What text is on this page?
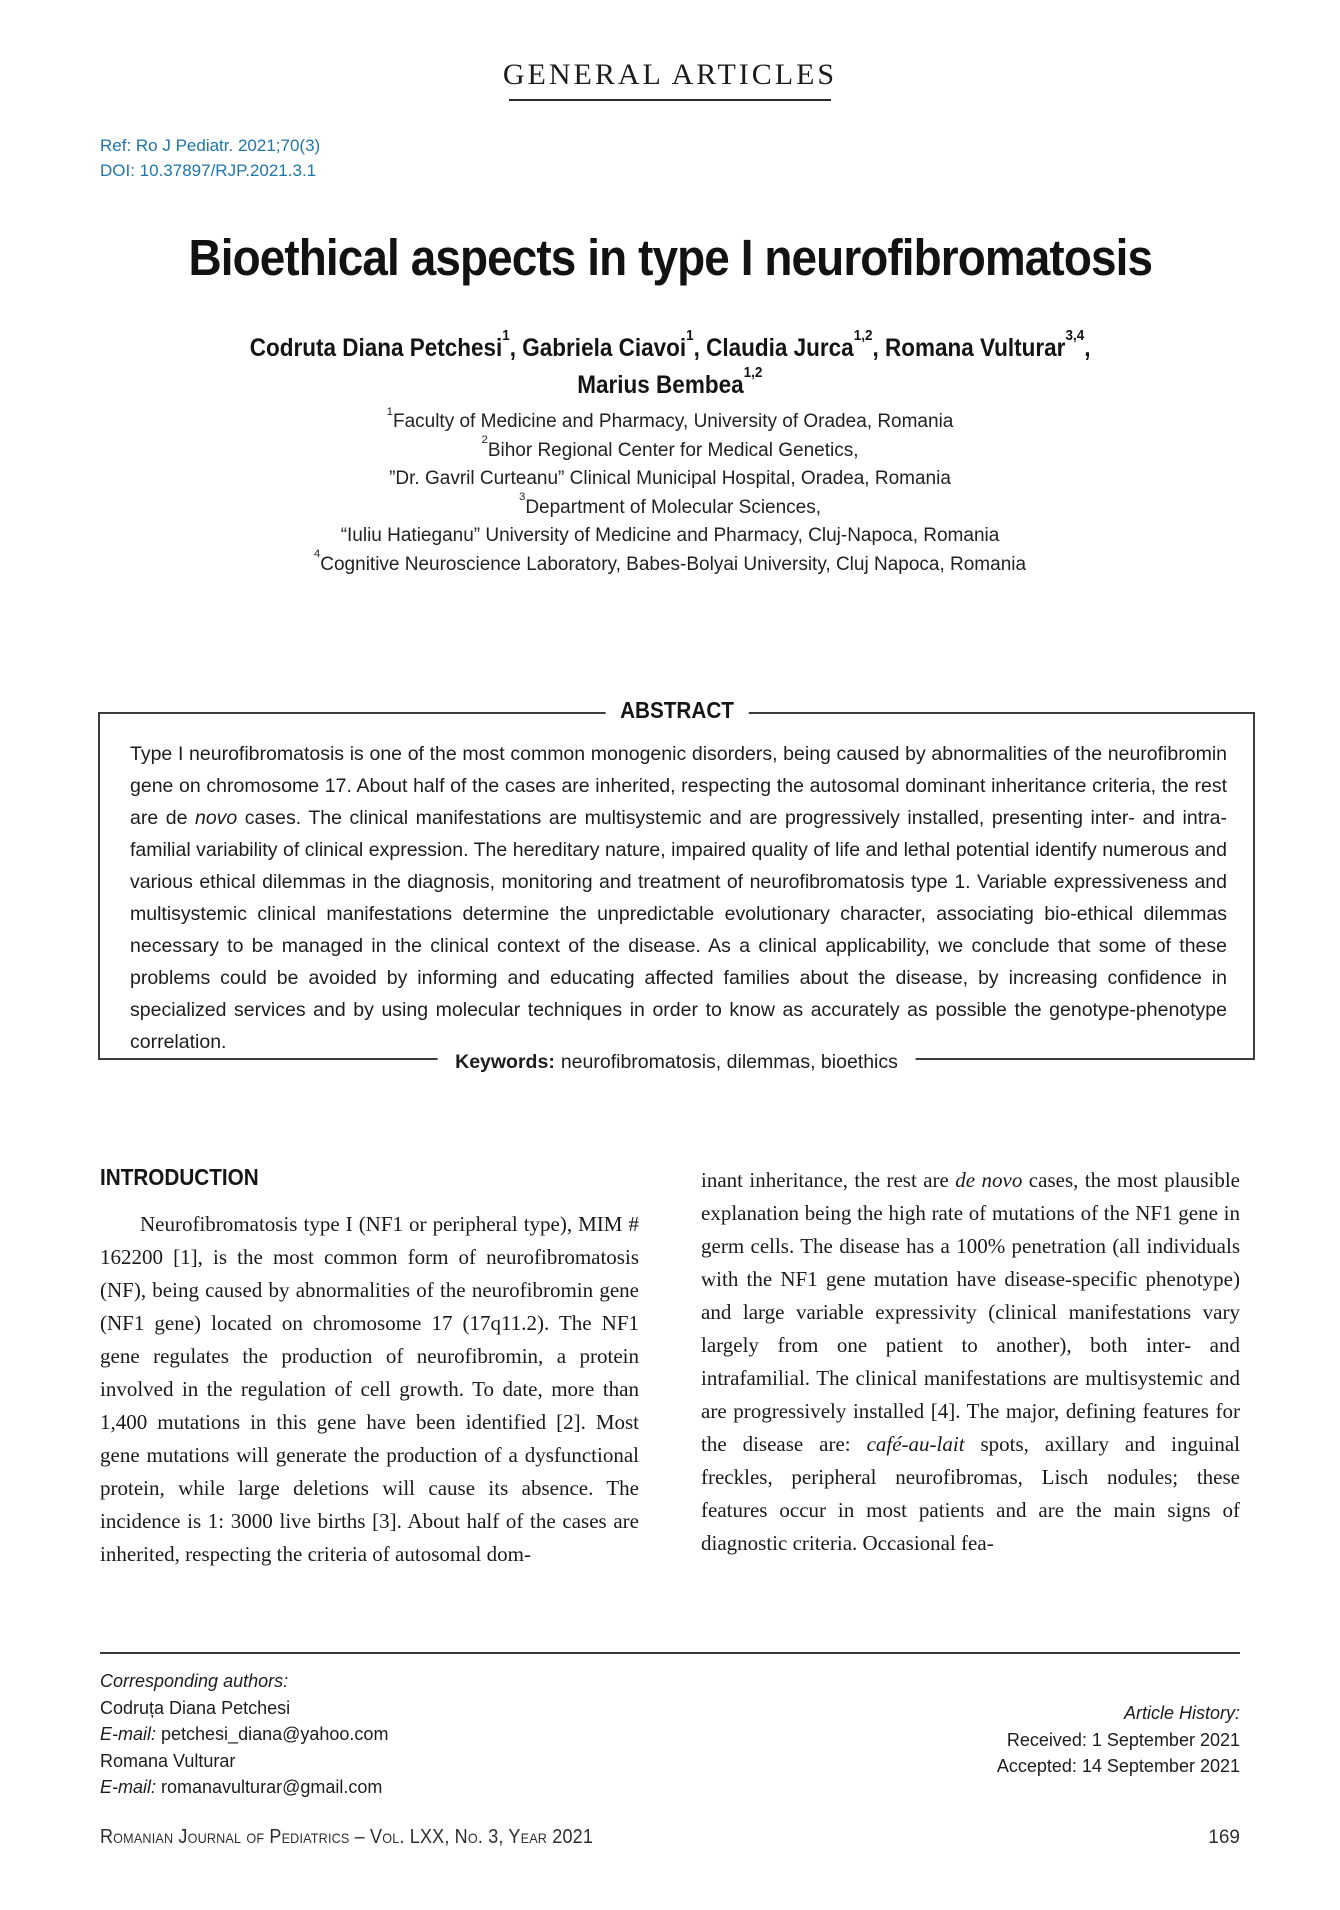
GENERAL ARTICLES
Ref: Ro J Pediatr. 2021;70(3)
DOI: 10.37897/RJP.2021.3.1
Bioethical aspects in type I neurofibromatosis
Codruta Diana Petchesi$^1$, Gabriela Ciavoi$^1$, Claudia Jurca$^{1,2}$, Romana Vulturar$^{3,4}$,
Marius Bembea$^{1,2}$
$^1$Faculty of Medicine and Pharmacy, University of Oradea, Romania
$^2$Bihor Regional Center for Medical Genetics,
”Dr. Gavril Curteanu” Clinical Municipal Hospital, Oradea, Romania
$^3$Department of Molecular Sciences,
“Iuliu Hatieganu” University of Medicine and Pharmacy, Cluj-Napoca, Romania
$^4$Cognitive Neuroscience Laboratory, Babes-Bolyai University, Cluj Napoca, Romania
ABSTRACT

Type I neurofibromatosis is one of the most common monogenic disorders, being caused by abnormalities of the neurofibromin gene on chromosome 17. About half of the cases are inherited, respecting the autosomal dominant inheritance criteria, the rest are de novo cases. The clinical manifestations are multisystemic and are progressively installed, presenting inter- and intra-familial variability of clinical expression. The hereditary nature, impaired quality of life and lethal potential identify numerous and various ethical dilemmas in the diagnosis, monitoring and treatment of neurofibromatosis type 1. Variable expressiveness and multisystemic clinical manifestations determine the unpredictable evolutionary character, associating bio-ethical dilemmas necessary to be managed in the clinical context of the disease. As a clinical applicability, we conclude that some of these problems could be avoided by informing and educating affected families about the disease, by increasing confidence in specialized services and by using molecular techniques in order to know as accurately as possible the genotype-phenotype correlation.

Keywords: neurofibromatosis, dilemmas, bioethics
INTRODUCTION

Neurofibromatosis type I (NF1 or peripheral type), MIM # 162200 [1], is the most common form of neurofibromatosis (NF), being caused by abnormalities of the neurofibromin gene (NF1 gene) located on chromosome 17 (17q11.2). The NF1 gene regulates the production of neurofibromin, a protein involved in the regulation of cell growth. To date, more than 1,400 mutations in this gene have been identified [2]. Most gene mutations will generate the production of a dysfunctional protein, while large deletions will cause its absence. The incidence is 1: 3000 live births [3]. About half of the cases are inherited, respecting the criteria of autosomal dom-

inant inheritance, the rest are de novo cases, the most plausible explanation being the high rate of mutations of the NF1 gene in germ cells. The disease has a 100% penetration (all individuals with the NF1 gene mutation have disease-specific phenotype) and large variable expressivity (clinical manifestations vary largely from one patient to another), both inter- and intrafamilial. The clinical manifestations are multisystemic and are progressively installed [4]. The major, defining features for the disease are: café-au-lait spots, axillary and inguinal freckles, peripheral neurofibromas, Lisch nodules; these features occur in most patients and are the main signs of diagnostic criteria. Occasional fea-

Corresponding authors:
Codruța Diana Petchesi
E-mail: petchesi_diana@yahoo.com
Romana Vulturar
E-mail: romanavulturar@gmail.com
Article History:
Received: 1 September 2021
Accepted: 14 September 2021
Romanian Journal of Pediatrics – Vol. LXX, No. 3, Year 2021	169
